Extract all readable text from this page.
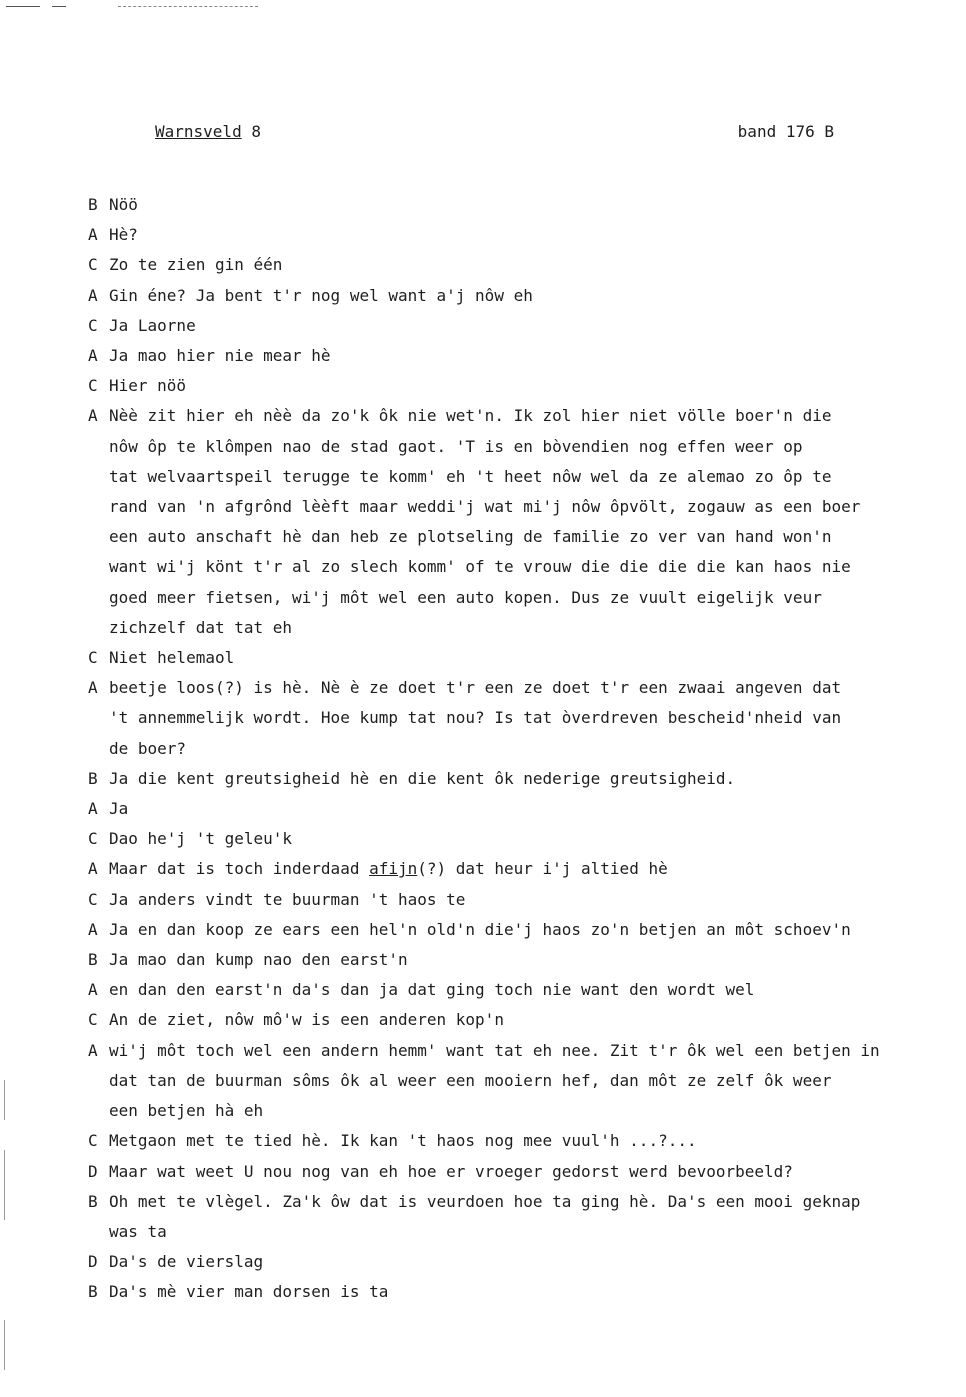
Warnsveld 8	band 176 B
B Nöö
A Hè?
C Zo te zien gin één
A Gin éne? Ja bent t'r nog wel want a'j nôw eh
C Ja Laorne
A Ja mao hier nie mear hè
C Hier nöö
A Nèè zit hier eh nèè da zo'k ôk nie wet'n. Ik zol hier niet völle boer'n die
nôw ôp te klômpen nao de stad gaot. 'T is en bòvendien nog effen weer op
tat welvaartspeil terugge te komm' eh 't heet nôw wel da ze alemao zo ôp te
rand van 'n afgrônd lèèft maar weddi'j wat mi'j nôw ôpvölt, zogauw as een boer
een auto anschaft hè dan heb ze plotseling de familie zo ver van hand won'n
want wi'j könt t'r al zo slech komm' of te vrouw die die die die kan haos nie
goed meer fietsen, wi'j môt wel een auto kopen. Dus ze vuult eigelijk veur
zichzelf dat tat eh
C Niet helemaol
A beetje loos(?) is hè. Nè è ze doet t'r een ze doet t'r een zwaai angeven dat
't annemmelijk wordt. Hoe kump tat nou? Is tat òverdreven bescheid'nheid van
de boer?
B Ja die kent greutsigheid hè en die kent ôk nederige greutsigheid.
A Ja
C Dao he'j 't geleu'k
A Maar dat is toch inderdaad afijn(?) dat heur i'j altied hè
C Ja anders vindt te buurman 't haos te
A Ja en dan koop ze ears een hel'n old'n die'j haos zo'n betjen an môt schoev'n
B Ja mao dan kump nao den earst'n
A en dan den earst'n da's dan ja dat ging toch nie want den wordt wel
C An de ziet, nôw mô'w is een anderen kop'n
A wi'j môt toch wel een andern hemm' want tat eh nee. Zit t'r ôk wel een betjen in
dat tan de buurman sôms ôk al weer een mooiern hef, dan môt ze zelf ôk weer
een betjen hà eh
C Metgaon met te tied hè. Ik kan 't haos nog mee vuul'h ...?...
D Maar wat weet U nou nog van eh hoe er vroeger gedorst werd bevoorbeeld?
B Oh met te vlègel. Za'k ôw dat is veurdoen hoe ta ging hè. Da's een mooi geknap
was ta
D Da's de vierslag
B Da's mè vier man dorsen is ta
